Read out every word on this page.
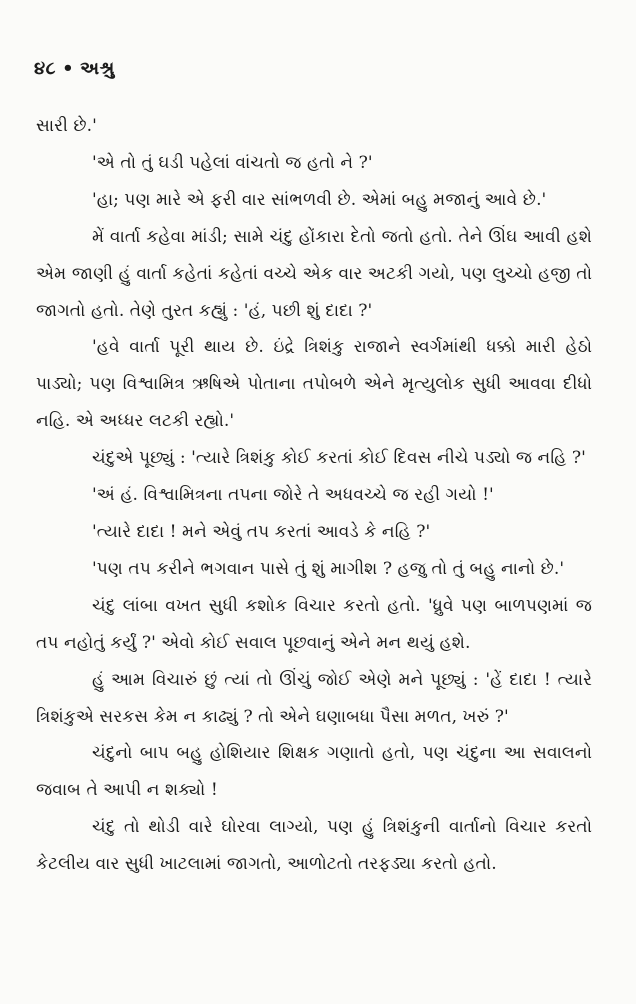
૪૮ • અશ્રુ

સારી છે.'

'એ તો તું ઘડી પહેલાં વાંચતો જ હતો ને ?'

'હા; પણ મારે એ ફરી વાર સાંભળવી છે. એમાં બહુ મજાનું આવે છે.'

મેં વાર્તા કહેવા માંડી; સામે ચંદુ હોંકારા દેતો જતો હતો. તેને ઊંઘ આવી હશે એમ જાણી હું વાર્તા કહેતાં કહેતાં વચ્ચે એક વાર અટકી ગયો, પણ લુચ્ચો હજી તો જાગતો હતો. તેણે તુરત કહ્યું : 'હં, પછી શું દાદા ?'

'હવે વાર્તા પૂરી થાય છે. ઇંદ્રે ત્રિશંકુ રાજાને સ્વર્ગમાંથી ધક્કો મારી હેઠો પાડ્યો; પણ વિશ્વામિત્ર ઋષિએ પોતાના તપોબળે એને મૃત્યુલોક સુધી આવવા દીધો નહિ. એ અધ્ધર લટકી રહ્યો.'

ચંદુએ પૂછ્યું : 'ત્યારે ત્રિશંકુ કોઈ કરતાં કોઈ દિવસ નીચે પડ્યો જ નહિ ?'

'અં હં. વિશ્વામિત્રના તપના જોરે તે અધવચ્ચે જ રહી ગયો !'

'ત્યારે દાદા ! મને એવું તપ કરતાં આવડે કે નહિ ?'

'પણ તપ કરીને ભગવાન પાસે તું શું માગીશ ? હજુ તો તું બહુ નાનો છે.'

ચંદુ લાંબા વખત સુધી કશોક વિચાર કરતો હતો. 'ધ્રુવે પણ બાળપણમાં જ તપ નહોતું કર્યું ?' એવો કોઈ સવાલ પૂછવાનું એને મન થયું હશે.

હું આમ વિચારું છું ત્યાં તો ઊંચું જોઈ એણે મને પૂછ્યું : 'હેં દાદા ! ત્યારે ત્રિશંકુએ સરકસ કેમ ન કાઢ્યું ? તો એને ઘણાબધા પૈસા મળત, ખરું ?'

ચંદુનો બાપ બહુ હોશિયાર શિક્ષક ગણાતો હતો, પણ ચંદુના આ સવાલનો જવાબ તે આપી ન શક્યો !

ચંદુ તો થોડી વારે ઘોરવા લાગ્યો, પણ હું ત્રિશંકુની વાર્તાનો વિચાર કરતો કેટલીય વાર સુધી ખાટલામાં જાગતો, આળોટતો તરફડ્યા કરતો હતો.
